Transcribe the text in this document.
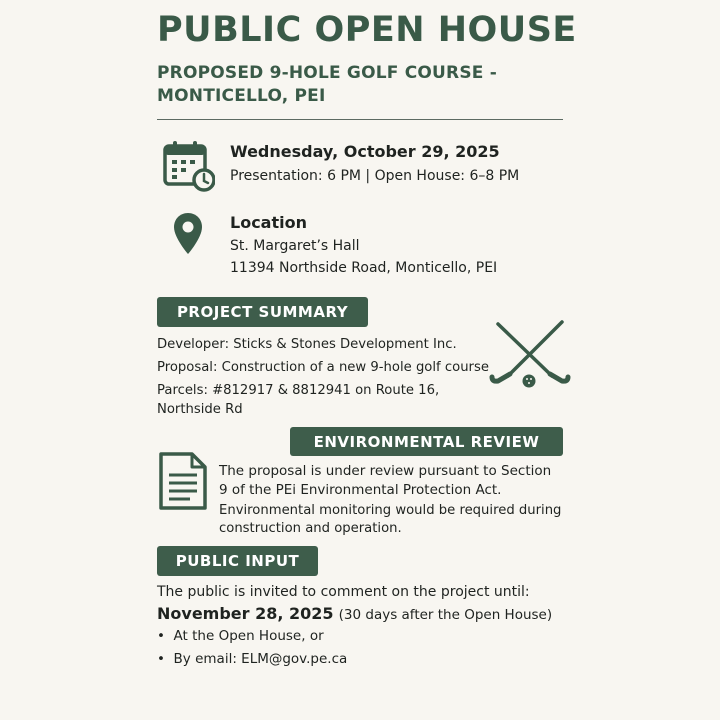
PUBLIC OPEN HOUSE
PROPOSED 9-HOLE GOLF COURSE - MONTICELLO, PEI
Wednesday, October 29, 2025
Presentation: 6 PM | Open House: 6–8 PM
Location
St. Margaret’s Hall
11394 Northside Road, Monticello, PEI
PROJECT SUMMARY
Developer: Sticks & Stones Development Inc.
Proposal: Construction of a new 9-hole golf course
Parcels: #812917 & 8812941 on Route 16,
Northside Rd
ENVIRONMENTAL REVIEW
The proposal is under review pursuant to Section
9 of the PEi Environmental Protection Act.
Environmental monitoring would be required during
construction and operation.
PUBLIC INPUT
The public is invited to comment on the project until:
November 28, 2025 (30 days after the Open House)
•  At the Open House, or
•  By email: ELM@gov.pe.ca
